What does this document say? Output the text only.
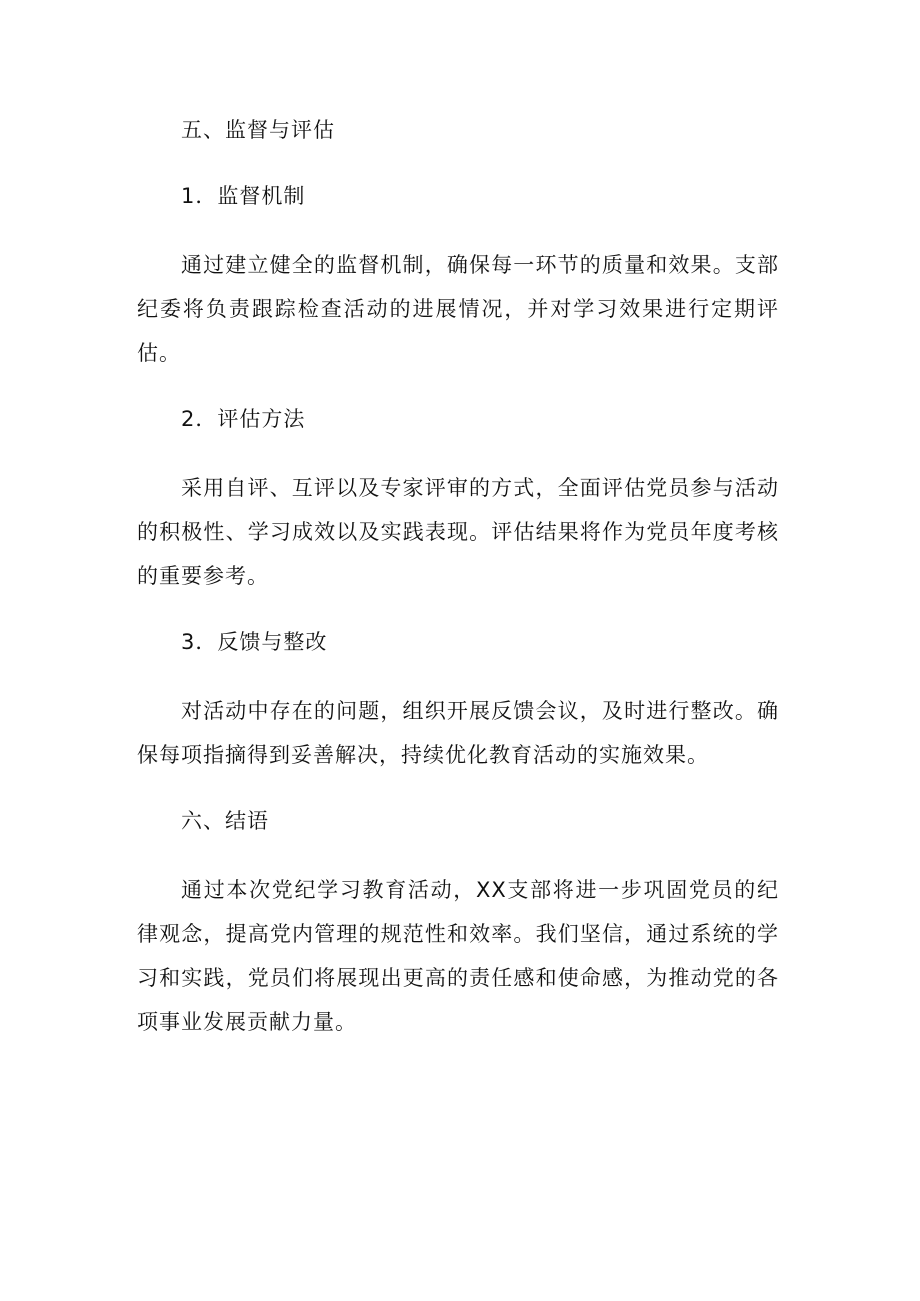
五、监督与评估

1．监督机制

通过建立健全的监督机制，确保每一环节的质量和效果。支部纪委将负责跟踪检查活动的进展情况，并对学习效果进行定期评估。

2．评估方法

采用自评、互评以及专家评审的方式，全面评估党员参与活动的积极性、学习成效以及实践表现。评估结果将作为党员年度考核的重要参考。

3．反馈与整改

对活动中存在的问题，组织开展反馈会议，及时进行整改。确保每项指摘得到妥善解决，持续优化教育活动的实施效果。

六、结语

通过本次党纪学习教育活动，XX支部将进一步巩固党员的纪律观念，提高党内管理的规范性和效率。我们坚信，通过系统的学习和实践，党员们将展现出更高的责任感和使命感，为推动党的各项事业发展贡献力量。
